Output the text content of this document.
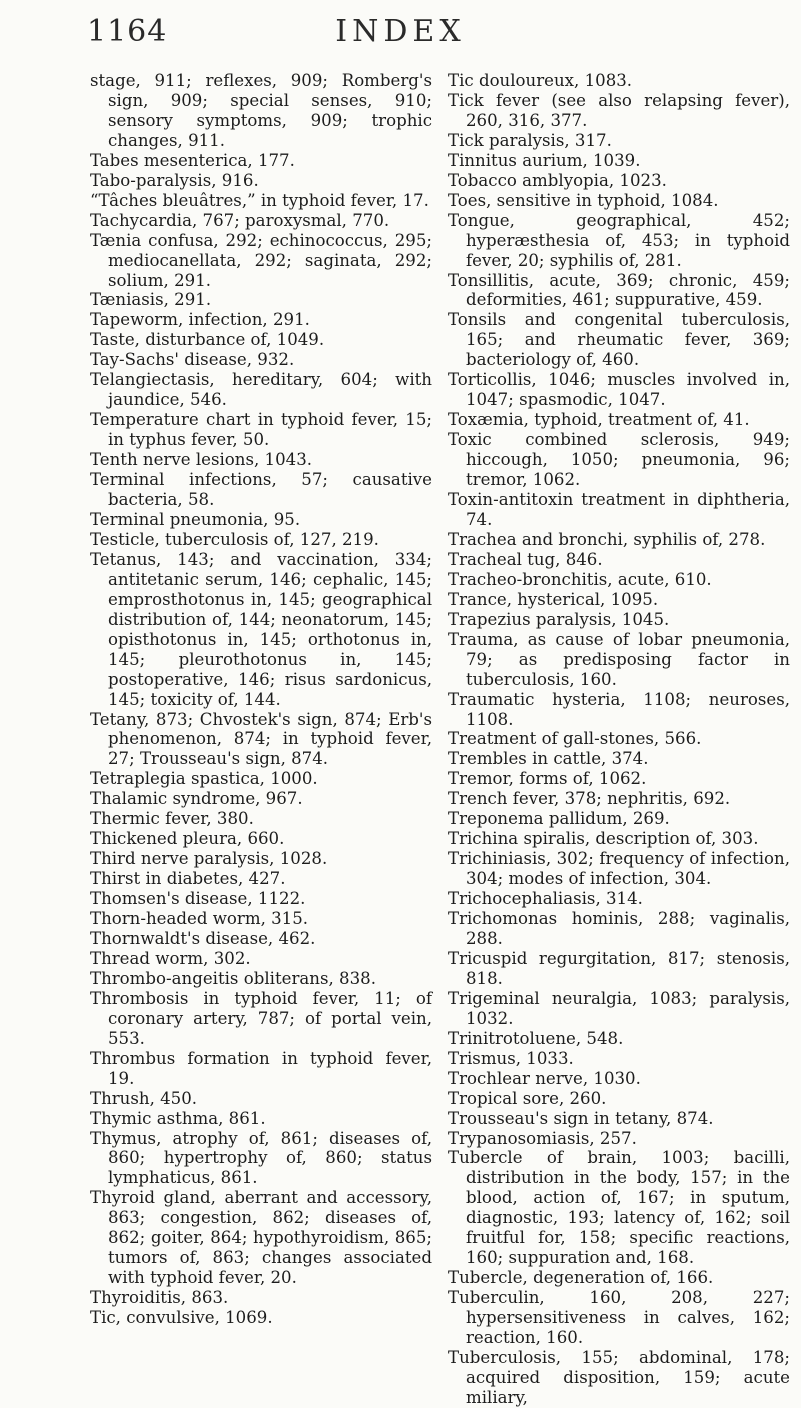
1164	INDEX

stage, 911; reflexes, 909; Romberg's sign, 909; special senses, 910; sensory symptoms, 909; trophic changes, 911.

Tabes mesenterica, 177.

Tabo-paralysis, 916.

“Tâches bleuâtres,” in typhoid fever, 17.

Tachycardia, 767; paroxysmal, 770.

Tænia confusa, 292; echinococcus, 295; mediocanellata, 292; saginata, 292; solium, 291.

Tæniasis, 291.

Tapeworm, infection, 291.

Taste, disturbance of, 1049.

Tay-Sachs' disease, 932.

Telangiectasis, hereditary, 604; with jaundice, 546.

Temperature chart in typhoid fever, 15; in typhus fever, 50.

Tenth nerve lesions, 1043.

Terminal infections, 57; causative bacteria, 58.

Terminal pneumonia, 95.

Testicle, tuberculosis of, 127, 219.

Tetanus, 143; and vaccination, 334; antitetanic serum, 146; cephalic, 145; emprosthotonus in, 145; geographical distribution of, 144; neonatorum, 145; opisthotonus in, 145; orthotonus in, 145; pleurothotonus in, 145; postoperative, 146; risus sardonicus, 145; toxicity of, 144.

Tetany, 873; Chvostek's sign, 874; Erb's phenomenon, 874; in typhoid fever, 27; Trousseau's sign, 874.

Tetraplegia spastica, 1000.

Thalamic syndrome, 967.

Thermic fever, 380.

Thickened pleura, 660.

Third nerve paralysis, 1028.

Thirst in diabetes, 427.

Thomsen's disease, 1122.

Thorn-headed worm, 315.

Thornwaldt's disease, 462.

Thread worm, 302.

Thrombo-angeitis obliterans, 838.

Thrombosis in typhoid fever, 11; of coronary artery, 787; of portal vein, 553.

Thrombus formation in typhoid fever, 19.

Thrush, 450.

Thymic asthma, 861.

Thymus, atrophy of, 861; diseases of, 860; hypertrophy of, 860; status lymphaticus, 861.

Thyroid gland, aberrant and accessory, 863; congestion, 862; diseases of, 862; goiter, 864; hypothyroidism, 865; tumors of, 863; changes associated with typhoid fever, 20.

Thyroiditis, 863.

Tic, convulsive, 1069.

Tic douloureux, 1083.

Tick fever (see also relapsing fever), 260, 316, 377.

Tick paralysis, 317.

Tinnitus aurium, 1039.

Tobacco amblyopia, 1023.

Toes, sensitive in typhoid, 1084.

Tongue, geographical, 452; hyperæsthesia of, 453; in typhoid fever, 20; syphilis of, 281.

Tonsillitis, acute, 369; chronic, 459; deformities, 461; suppurative, 459.

Tonsils and congenital tuberculosis, 165; and rheumatic fever, 369; bacteriology of, 460.

Torticollis, 1046; muscles involved in, 1047; spasmodic, 1047.

Toxæmia, typhoid, treatment of, 41.

Toxic combined sclerosis, 949; hiccough, 1050; pneumonia, 96; tremor, 1062.

Toxin-antitoxin treatment in diphtheria, 74.

Trachea and bronchi, syphilis of, 278.

Tracheal tug, 846.

Tracheo-bronchitis, acute, 610.

Trance, hysterical, 1095.

Trapezius paralysis, 1045.

Trauma, as cause of lobar pneumonia, 79; as predisposing factor in tuberculosis, 160.

Traumatic hysteria, 1108; neuroses, 1108.

Treatment of gall-stones, 566.

Trembles in cattle, 374.

Tremor, forms of, 1062.

Trench fever, 378; nephritis, 692.

Treponema pallidum, 269.

Trichina spiralis, description of, 303.

Trichiniasis, 302; frequency of infection, 304; modes of infection, 304.

Trichocephaliasis, 314.

Trichomonas hominis, 288; vaginalis, 288.

Tricuspid regurgitation, 817; stenosis, 818.

Trigeminal neuralgia, 1083; paralysis, 1032.

Trinitrotoluene, 548.

Trismus, 1033.

Trochlear nerve, 1030.

Tropical sore, 260.

Trousseau's sign in tetany, 874.

Trypanosomiasis, 257.

Tubercle of brain, 1003; bacilli, distribution in the body, 157; in the blood, action of, 167; in sputum, diagnostic, 193; latency of, 162; soil fruitful for, 158; specific reactions, 160; suppuration and, 168.

Tubercle, degeneration of, 166.

Tuberculin, 160, 208, 227; hypersensitiveness in calves, 162; reaction, 160.

Tuberculosis, 155; abdominal, 178; acquired disposition, 159; acute miliary,
